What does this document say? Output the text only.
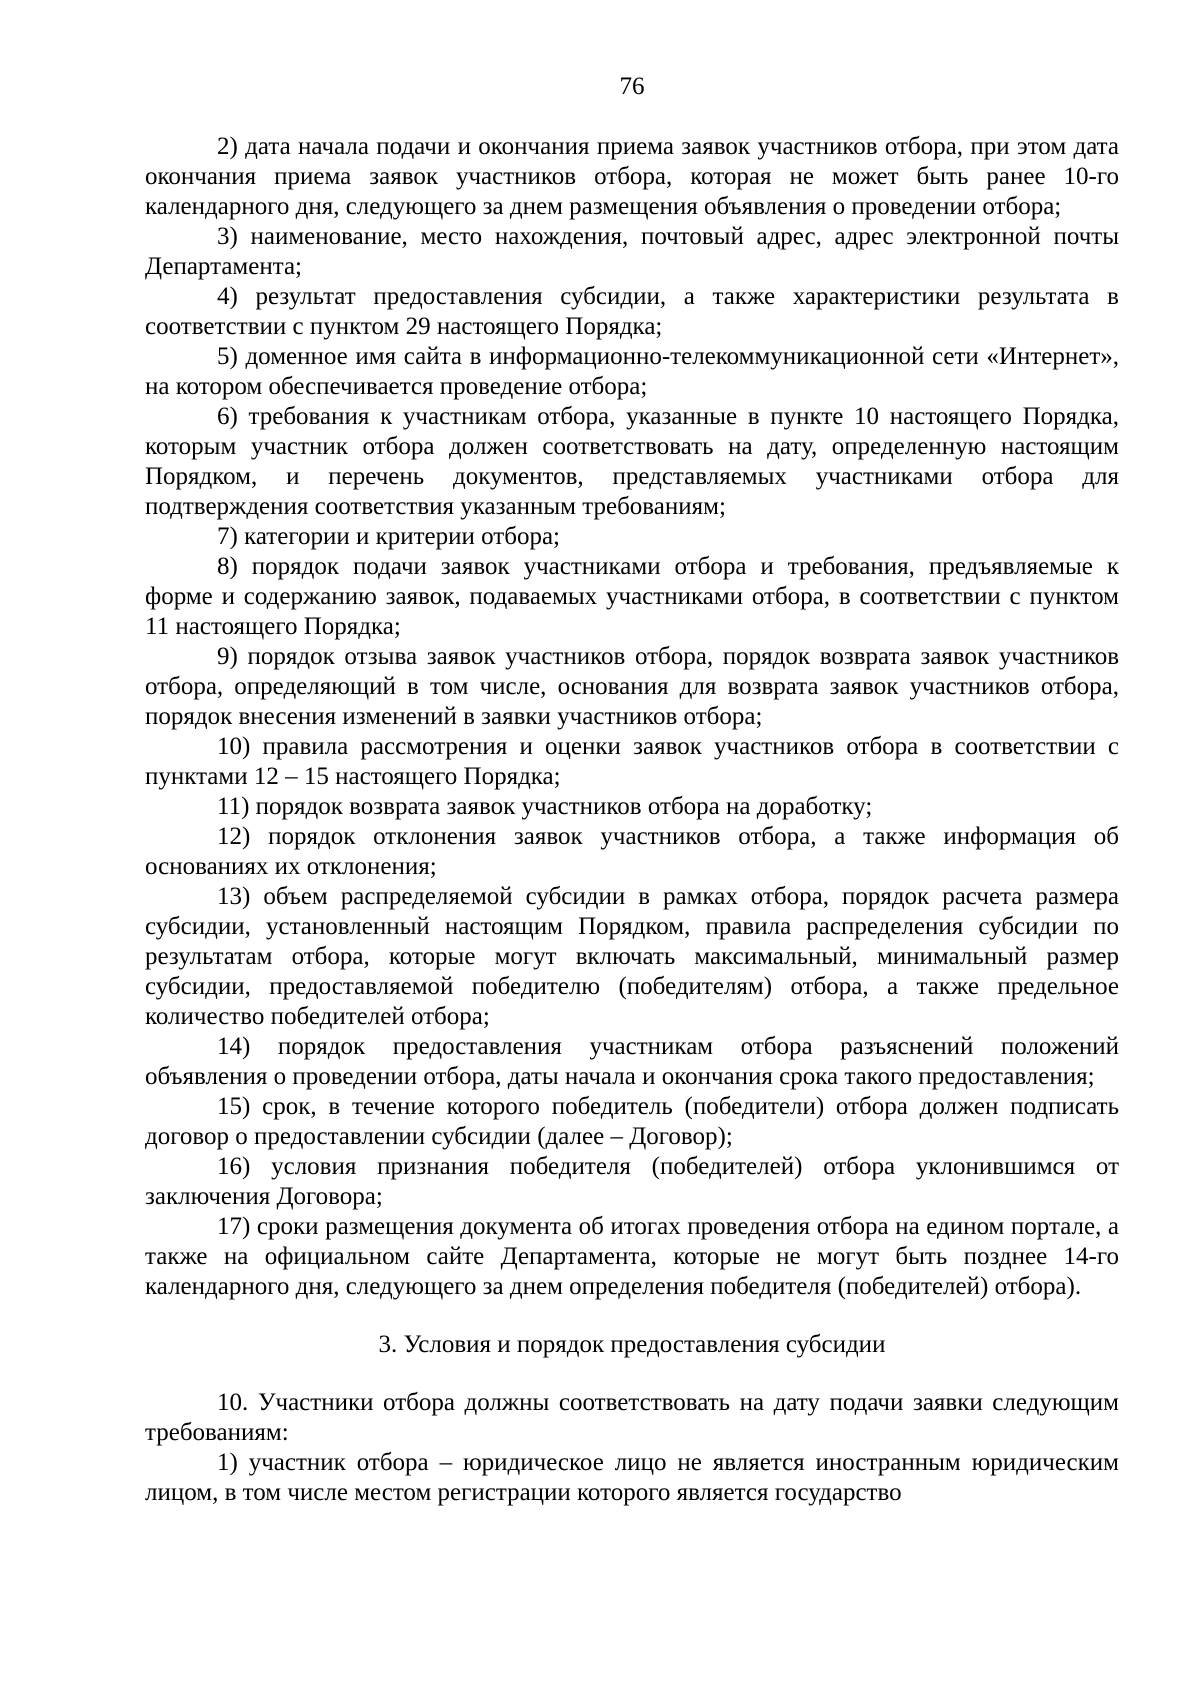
76

2) дата начала подачи и окончания приема заявок участников отбора, при этом дата окончания приема заявок участников отбора, которая не может быть ранее 10-го календарного дня, следующего за днем размещения объявления о проведении отбора;

3) наименование, место нахождения, почтовый адрес, адрес электронной почты Департамента;

4) результат предоставления субсидии, а также характеристики результата в соответствии с пунктом 29 настоящего Порядка;

5) доменное имя сайта в информационно-телекоммуникационной сети «Интернет», на котором обеспечивается проведение отбора;

6) требования к участникам отбора, указанные в пункте 10 настоящего Порядка, которым участник отбора должен соответствовать на дату, определенную настоящим Порядком, и перечень документов, представляемых участниками отбора для подтверждения соответствия указанным требованиям;

7) категории и критерии отбора;

8) порядок подачи заявок участниками отбора и требования, предъявляемые к форме и содержанию заявок, подаваемых участниками отбора, в соответствии с пунктом 11 настоящего Порядка;

9) порядок отзыва заявок участников отбора, порядок возврата заявок участников отбора, определяющий в том числе, основания для возврата заявок участников отбора, порядок внесения изменений в заявки участников отбора;

10) правила рассмотрения и оценки заявок участников отбора в соответствии с пунктами 12 – 15 настоящего Порядка;

11) порядок возврата заявок участников отбора на доработку;

12) порядок отклонения заявок участников отбора, а также информация об основаниях их отклонения;

13) объем распределяемой субсидии в рамках отбора, порядок расчета размера субсидии, установленный настоящим Порядком, правила распределения субсидии по результатам отбора, которые могут включать максимальный, минимальный размер субсидии, предоставляемой победителю (победителям) отбора, а также предельное количество победителей отбора;

14) порядок предоставления участникам отбора разъяснений положений объявления о проведении отбора, даты начала и окончания срока такого предоставления;

15) срок, в течение которого победитель (победители) отбора должен подписать договор о предоставлении субсидии (далее – Договор);

16) условия признания победителя (победителей) отбора уклонившимся от заключения Договора;

17) сроки размещения документа об итогах проведения отбора на едином портале, а также на официальном сайте Департамента, которые не могут быть позднее 14-го календарного дня, следующего за днем определения победителя (победителей) отбора).

3. Условия и порядок предоставления субсидии

10. Участники отбора должны соответствовать на дату подачи заявки следующим требованиям:

1) участник отбора – юридическое лицо не является иностранным юридическим лицом, в том числе местом регистрации которого является государство
